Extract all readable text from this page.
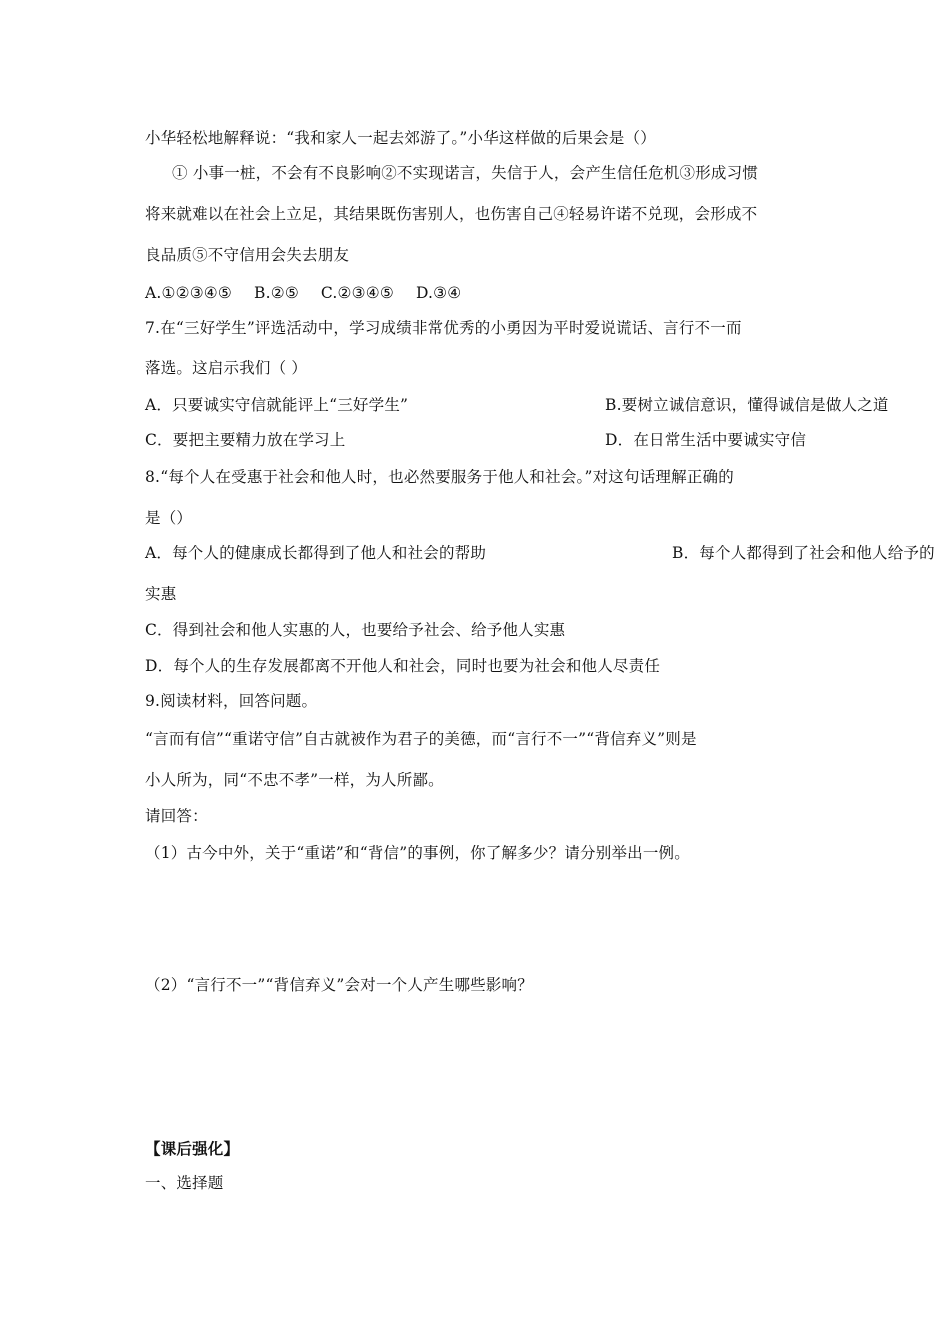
小华轻松地解释说：“我和家人一起去郊游了。”小华这样做的后果会是（）
① 小事一桩，不会有不良影响②不实现诺言，失信于人，会产生信任危机③形成习惯
将来就难以在社会上立足，其结果既伤害别人，也伤害自己④轻易许诺不兑现，会形成不
良品质⑤不守信用会失去朋友
A.①②③④⑤ B.②⑤ C.②③④⑤ D.③④
7.在“三好学生”评选活动中，学习成绩非常优秀的小勇因为平时爱说谎话、言行不一而
落选。这启示我们（ ）
A．只要诚实守信就能评上“三好学生”	B.要树立诚信意识，懂得诚信是做人之道
C．要把主要精力放在学习上	D．在日常生活中要诚实守信
8.“每个人在受惠于社会和他人时，也必然要服务于他人和社会。”对这句话理解正确的
是（）
A．每个人的健康成长都得到了他人和社会的帮助	B．每个人都得到了社会和他人给予的
实惠
C．得到社会和他人实惠的人，也要给予社会、给予他人实惠
D．每个人的生存发展都离不开他人和社会，同时也要为社会和他人尽责任
9.阅读材料，回答问题。
“言而有信”“重诺守信”自古就被作为君子的美德，而“言行不一”“背信弃义”则是
小人所为，同“不忠不孝”一样，为人所鄙。
请回答：
（1）古今中外，关于“重诺”和“背信”的事例，你了解多少？请分别举出一例。
（2）“言行不一”“背信弃义”会对一个人产生哪些影响？
【课后强化】
一、选择题
